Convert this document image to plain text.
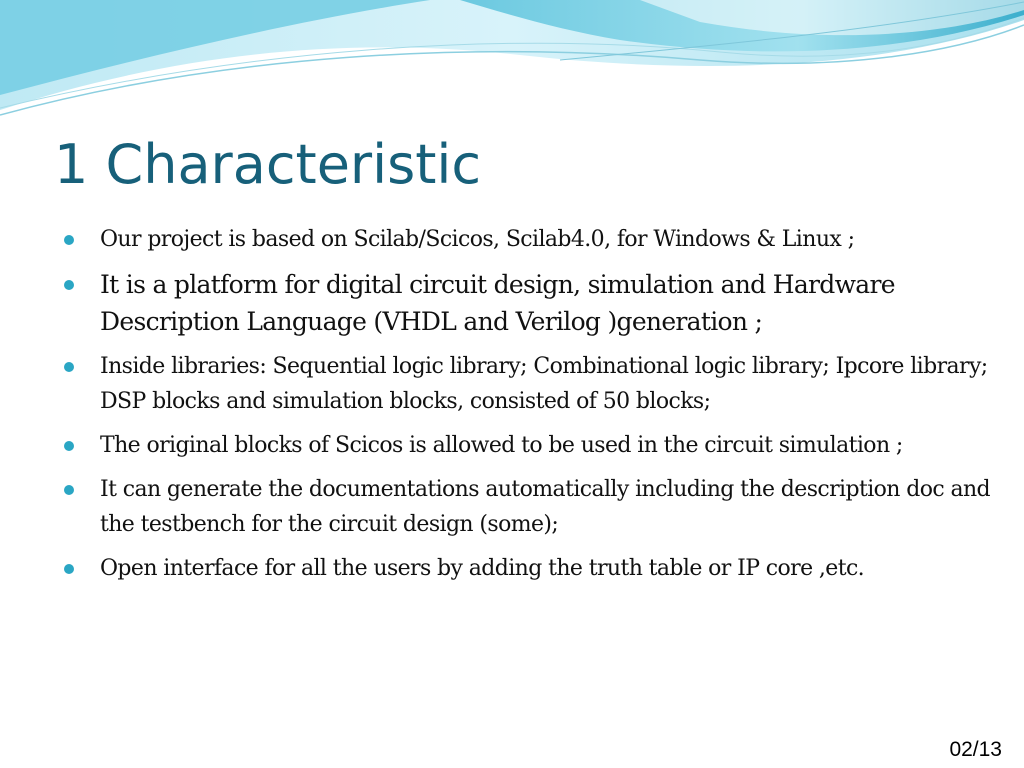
1 Characteristic
Our project is based on Scilab/Scicos, Scilab4.0, for Windows & Linux ;
It is a platform for digital circuit design, simulation and Hardware Description Language (VHDL and Verilog )generation ;
Inside libraries: Sequential logic library; Combinational logic library; Ipcore library; DSP blocks and simulation blocks, consisted of 50 blocks;
The original blocks of Scicos is allowed to be used in the circuit simulation ;
It can generate the documentations automatically including the description doc and the testbench for the circuit design (some);
Open interface for all the users by adding the truth table or IP core ,etc.
02/13
